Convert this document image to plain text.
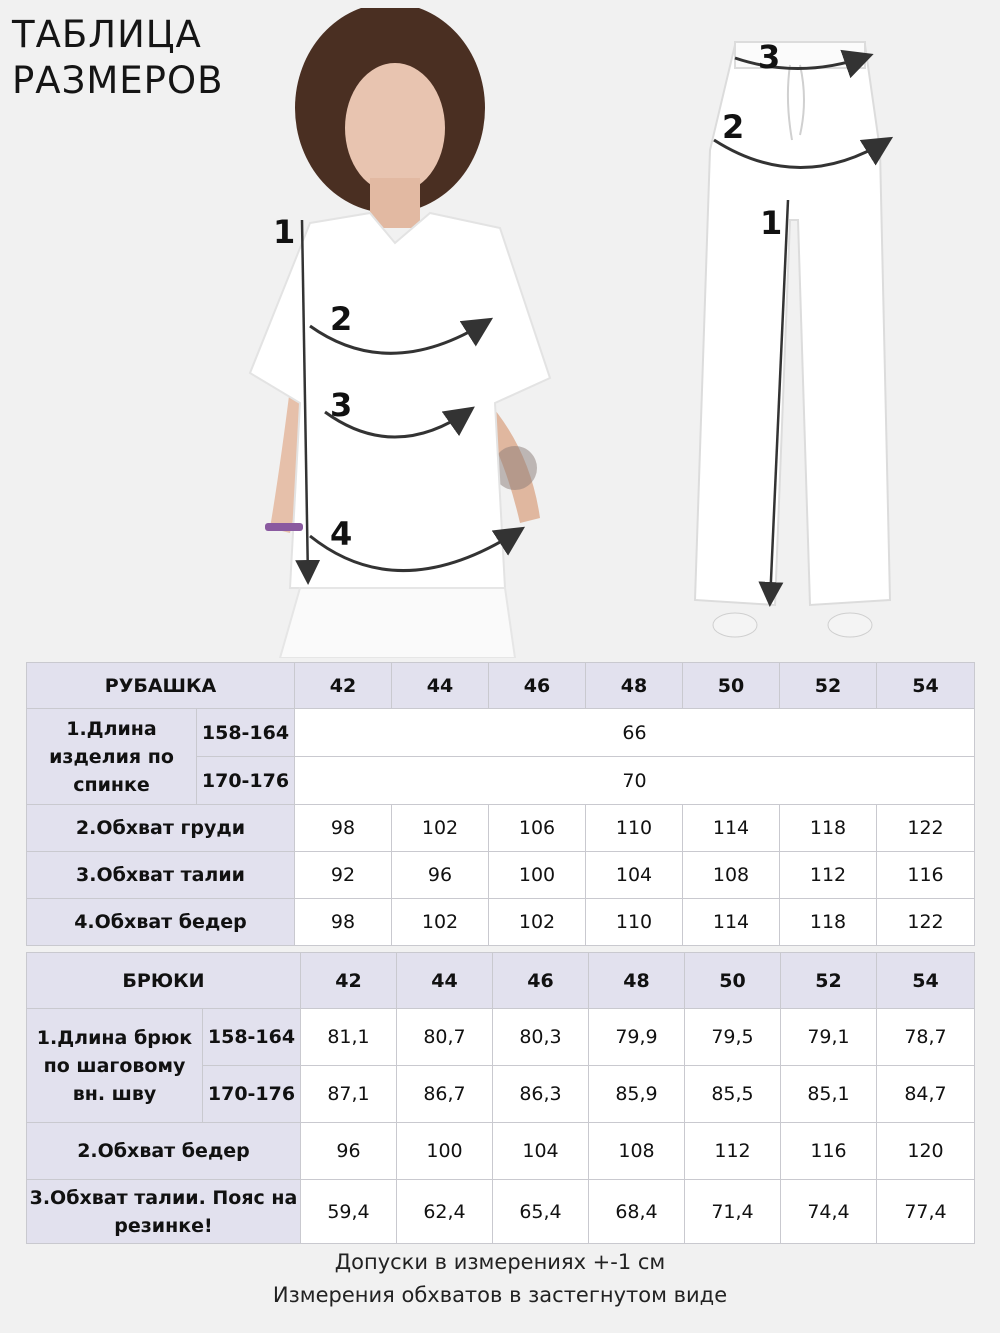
ТАБЛИЦА
РАЗМЕРОВ
1
2
3
4
3
2
1
РУБАШКА		42	44	46	48	50	52	54
1.Длина изделия по спинке	158-164	66						
	170-176	70						
2.Обхват груди		98	102	106	110	114	118	122
3.Обхват талии		92	96	100	104	108	112	116
4.Обхват бедер		98	102	102	110	114	118	122
БРЮКИ		42	44	46	48	50	52	54
1.Длина брюк по шаговому вн. шву	158-164	81,1	80,7	80,3	79,9	79,5	79,1	78,7
	170-176	87,1	86,7	86,3	85,9	85,5	85,1	84,7
2.Обхват бедер		96	100	104	108	112	116	120
3.Обхват талии. Пояс на резинке!		59,4	62,4	65,4	68,4	71,4	74,4	77,4
Допуски в измерениях +-1 см
Измерения обхватов в застегнутом виде
